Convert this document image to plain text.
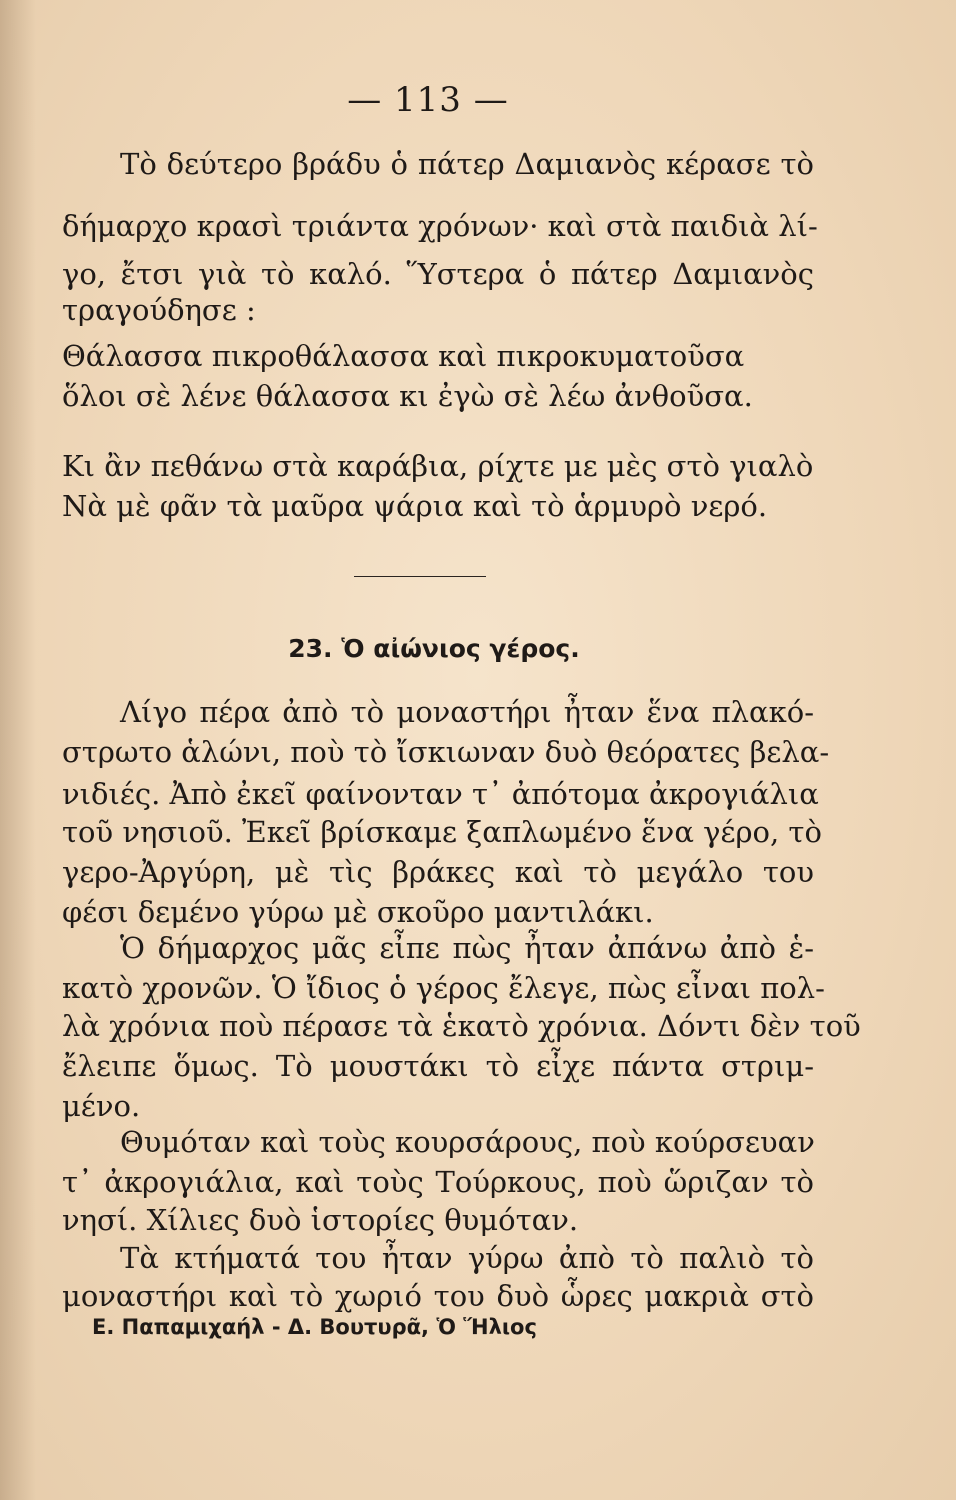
— 113 —
Τὸ δεύτερο βράδυ ὁ πάτερ Δαμιανὸς κέρασε τὸ
δήμαρχο κρασὶ τριάντα χρόνων· καὶ στὰ παιδιὰ λί-
γο, ἔτσι γιὰ τὸ καλό. Ὕστερα ὁ πάτερ Δαμιανὸς
τραγούδησε :
Θάλασσα πικροθάλασσα καὶ πικροκυματοῦσα
ὅλοι σὲ λένε θάλασσα κι ἐγὼ σὲ λέω ἀνθοῦσα.
Κι ἂν πεθάνω στὰ καράβια, ρίχτε με μὲς στὸ γιαλὸ
Νὰ μὲ φᾶν τὰ μαῦρα ψάρια καὶ τὸ ἁρμυρὸ νερό.
23. Ὁ αἰώνιος γέρος.
Λίγο πέρα ἀπὸ τὸ μοναστήρι ἦταν ἕνα πλακό-
στρωτο ἁλώνι, ποὺ τὸ ἴσκιωναν δυὸ θεόρατες βελα-
νιδιές. Ἀπὸ ἐκεῖ φαίνονταν τ᾽ ἀπότομα ἀκρογιάλια
τοῦ νησιοῦ. Ἐκεῖ βρίσκαμε ξαπλωμένο ἕνα γέρο, τὸ
γερο-Ἀργύρη, μὲ τὶς βράκες καὶ τὸ μεγάλο του
φέσι δεμένο γύρω μὲ σκοῦρο μαντιλάκι.
Ὁ δήμαρχος μᾶς εἶπε πὼς ἦταν ἀπάνω ἀπὸ ἑ-
κατὸ χρονῶν. Ὁ ἴδιος ὁ γέρος ἔλεγε, πὼς εἶναι πολ-
λὰ χρόνια ποὺ πέρασε τὰ ἑκατὸ χρόνια. Δόντι δὲν τοῦ
ἔλειπε ὅμως. Τὸ μουστάκι τὸ εἶχε πάντα στριμ-
μένο.
Θυμόταν καὶ τοὺς κουρσάρους, ποὺ κούρσευαν
τ᾽ ἀκρογιάλια, καὶ τοὺς Τούρκους, ποὺ ὥριζαν τὸ
νησί. Χίλιες δυὸ ἱστορίες θυμόταν.
Τὰ κτήματά του ἦταν γύρω ἀπὸ τὸ παλιὸ τὸ
μοναστήρι καὶ τὸ χωριό του δυὸ ὧρες μακριὰ στὸ
Ε. Παπαμιχαήλ - Δ. Βουτυρᾶ, Ὁ Ἥλιος
